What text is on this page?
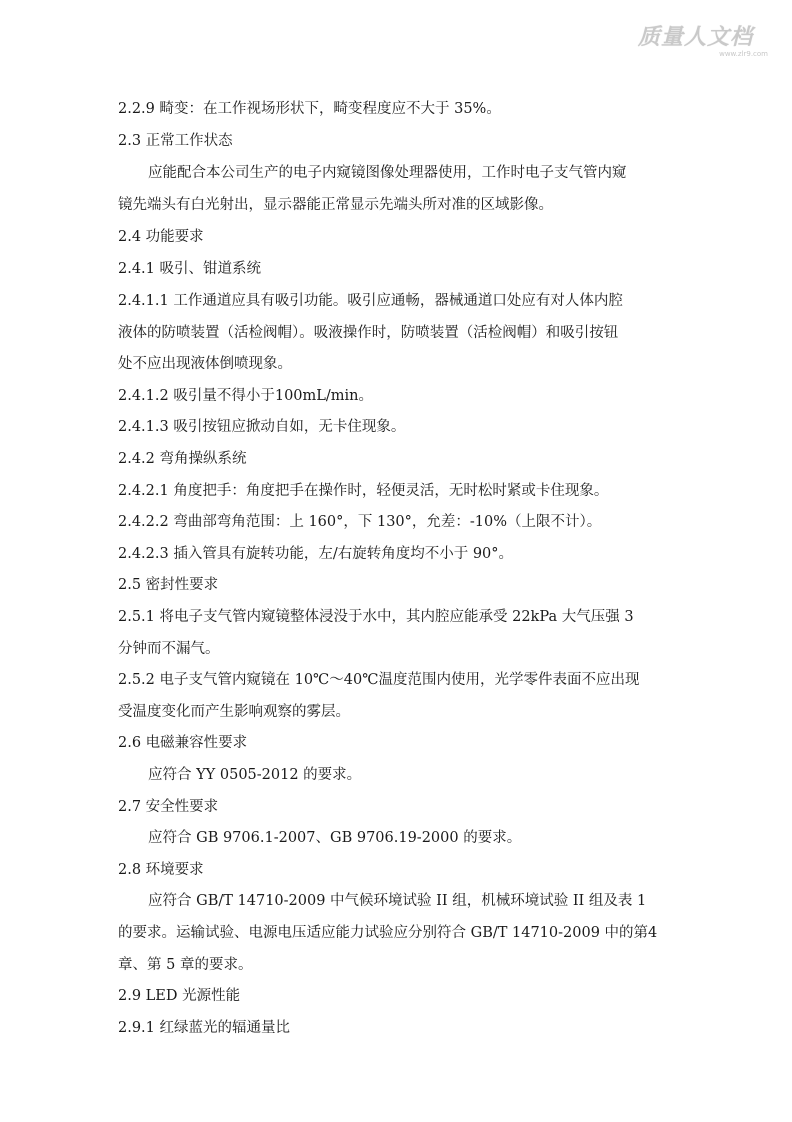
质量人文档
www.zlr9.com
2.2.9 畸变：在工作视场形状下，畸变程度应不大于 35%。
2.3 正常工作状态
应能配合本公司生产的电子内窥镜图像处理器使用，工作时电子支气管内窥
镜先端头有白光射出，显示器能正常显示先端头所对准的区域影像。
2.4 功能要求
2.4.1 吸引、钳道系统
2.4.1.1 工作通道应具有吸引功能。吸引应通畅，器械通道口处应有对人体内腔
液体的防喷装置（活检阀帽）。吸液操作时，防喷装置（活检阀帽）和吸引按钮
处不应出现液体倒喷现象。
2.4.1.2 吸引量不得小于100mL/min。
2.4.1.3 吸引按钮应掀动自如，无卡住现象。
2.4.2 弯角操纵系统
2.4.2.1 角度把手：角度把手在操作时，轻便灵活，无时松时紧或卡住现象。
2.4.2.2 弯曲部弯角范围：上 160°，下 130°，允差：-10%（上限不计）。
2.4.2.3 插入管具有旋转功能，左/右旋转角度均不小于 90°。
2.5 密封性要求
2.5.1 将电子支气管内窥镜整体浸没于水中，其内腔应能承受 22kPa 大气压强 3
分钟而不漏气。
2.5.2 电子支气管内窥镜在 10℃～40℃温度范围内使用，光学零件表面不应出现
受温度变化而产生影响观察的雾层。
2.6 电磁兼容性要求
应符合 YY 0505-2012 的要求。
2.7 安全性要求
应符合 GB 9706.1-2007、GB 9706.19-2000 的要求。
2.8 环境要求
应符合 GB/T 14710-2009 中气候环境试验 II 组，机械环境试验 II 组及表 1
的要求。运输试验、电源电压适应能力试验应分别符合 GB/T 14710-2009 中的第4
章、第 5 章的要求。
2.9 LED 光源性能
2.9.1 红绿蓝光的辐通量比
